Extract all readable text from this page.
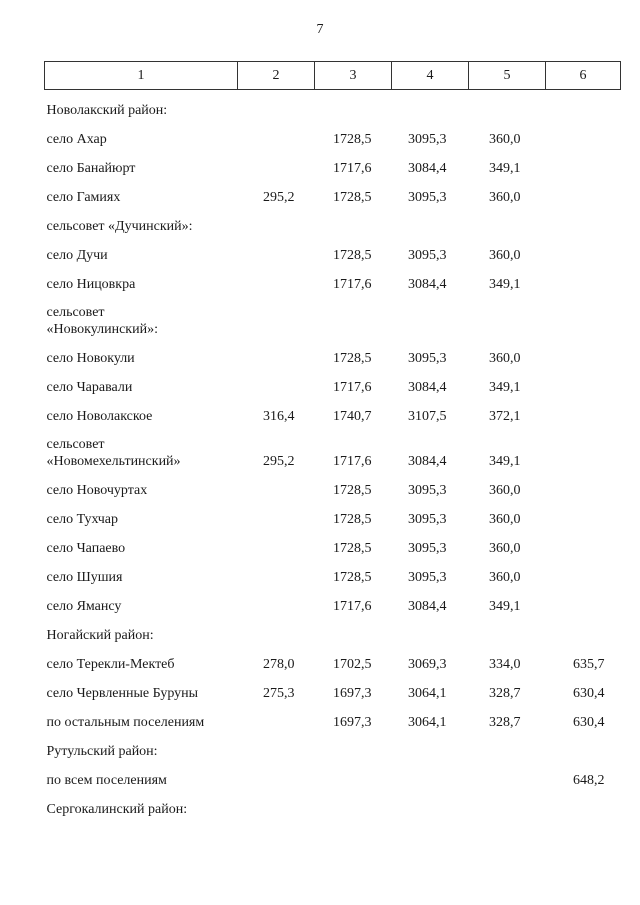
7
1	2	3	4	5	6
Новолакский район:					
село Ахар		1728,5	3095,3	360,0	
село Банайюрт		1717,6	3084,4	349,1	
село Гамиях	295,2	1728,5	3095,3	360,0	
сельсовет «Дучинский»:					
село Дучи		1728,5	3095,3	360,0	
село Ницовкра		1717,6	3084,4	349,1	
сельсовет «Новокулинский»:					
село Новокули		1728,5	3095,3	360,0	
село Чаравали		1717,6	3084,4	349,1	
село Новолакское	316,4	1740,7	3107,5	372,1	
сельсовет «Новомехельтинский»	295,2	1717,6	3084,4	349,1	
село Новочуртах		1728,5	3095,3	360,0	
село Тухчар		1728,5	3095,3	360,0	
село Чапаево		1728,5	3095,3	360,0	
село Шушия		1728,5	3095,3	360,0	
село Ямансу		1717,6	3084,4	349,1	
Ногайский район:					
село Терекли-Мектеб	278,0	1702,5	3069,3	334,0	635,7
село Червленные Буруны	275,3	1697,3	3064,1	328,7	630,4
по остальным поселениям		1697,3	3064,1	328,7	630,4
Рутульский район:					
по всем поселениям					648,2
Сергокалинский район:					
